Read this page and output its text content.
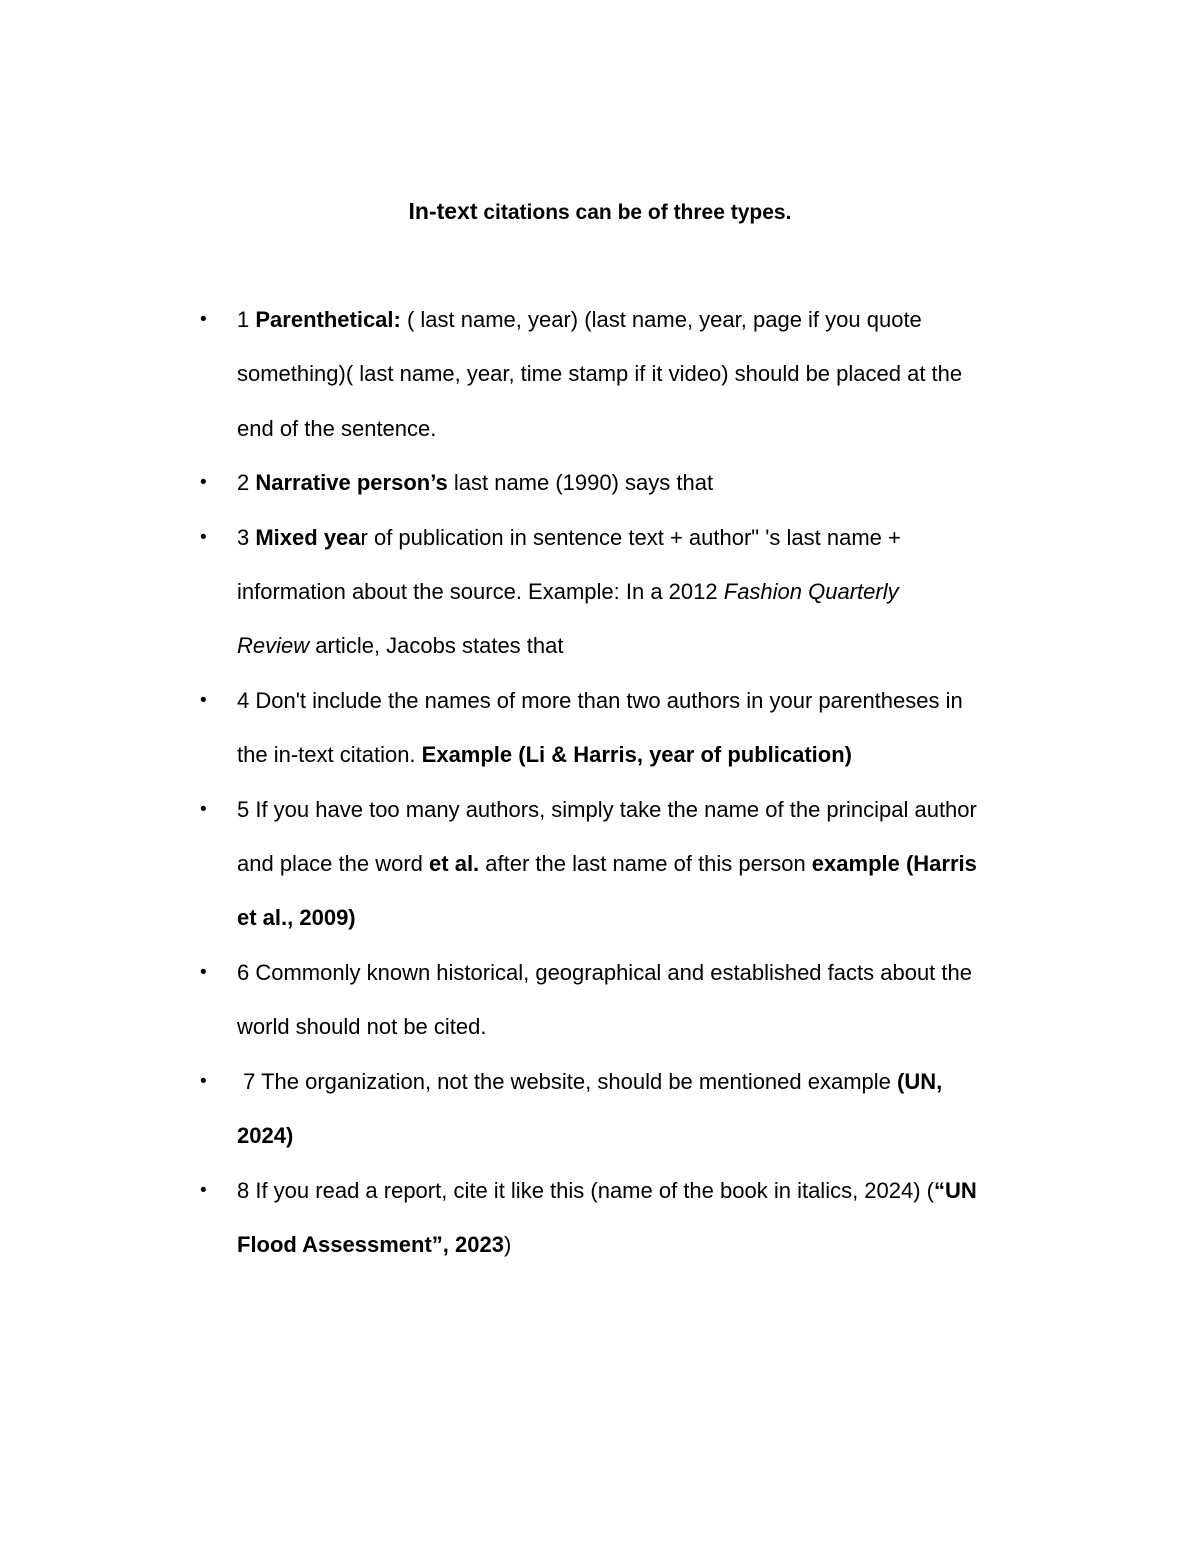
In-text citations can be of three types.
• 1 Parenthetical: ( last name, year) (last name, year, page if you quote
something)( last name, year, time stamp if it video) should be placed at the
end of the sentence.
• 2 Narrative person’s last name (1990) says that
• 3 Mixed year of publication in sentence text + author" 's last name +
information about the source. Example: In a 2012 Fashion Quarterly
Review article, Jacobs states that
• 4 Don't include the names of more than two authors in your parentheses in
the in-text citation. Example (Li & Harris, year of publication)
• 5 If you have too many authors, simply take the name of the principal author
and place the word et al. after the last name of this person example (Harris
et al., 2009)
• 6 Commonly known historical, geographical and established facts about the
world should not be cited.
• 7 The organization, not the website, should be mentioned example (UN,
2024)
• 8 If you read a report, cite it like this (name of the book in italics, 2024) (“UN
Flood Assessment”, 2023)
